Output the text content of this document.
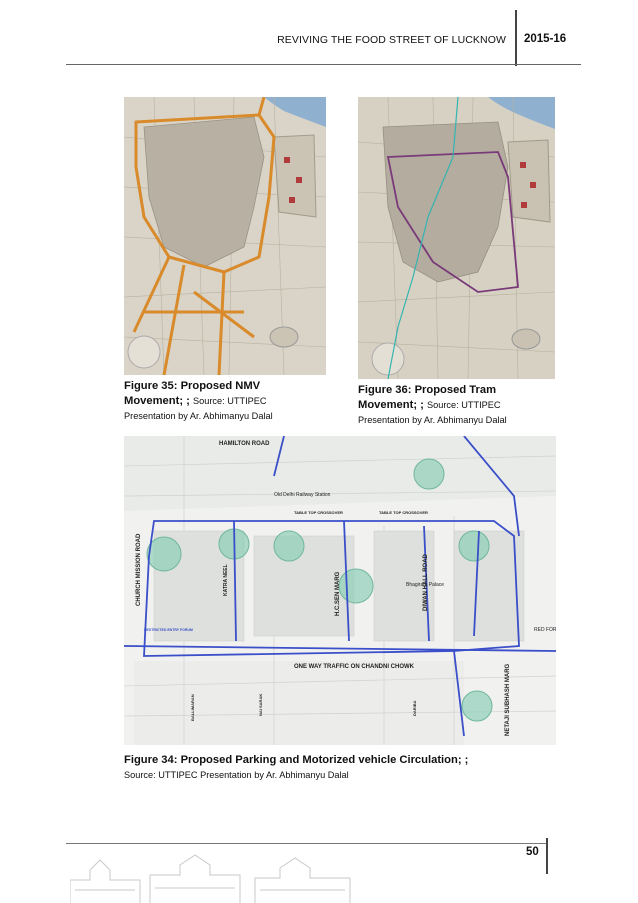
REVIVING THE FOOD STREET OF LUCKNOW 2015-16
Figure 35: Proposed NMV
Movement; ; Source: UTTIPEC
Presentation by Ar. Abhimanyu Dalal
Figure 36: Proposed Tram
Movement; ; Source: UTTIPEC
Presentation by Ar. Abhimanyu Dalal
HAMILTON ROAD
Old Delhi Railway Station
TABLE TOP CROSSOVER	TABLE TOP CROSSOVER
ONE WAY TRAFFIC ON CHANDNI CHOWK
Bhagirath Palace
RED FOR
RESTRICTED ENTRY FORUM
CHURCH MISSION ROAD	KATRA NEEL	H.C.SEN MARG	DIWAN HALL ROAD
NETAJI SUBHASH MARG
BALLIMARAN	NAI SARAK	DARIBA
Figure 34: Proposed Parking and Motorized vehicle Circulation; ;
Source: UTTIPEC Presentation by Ar. Abhimanyu Dalal
50
